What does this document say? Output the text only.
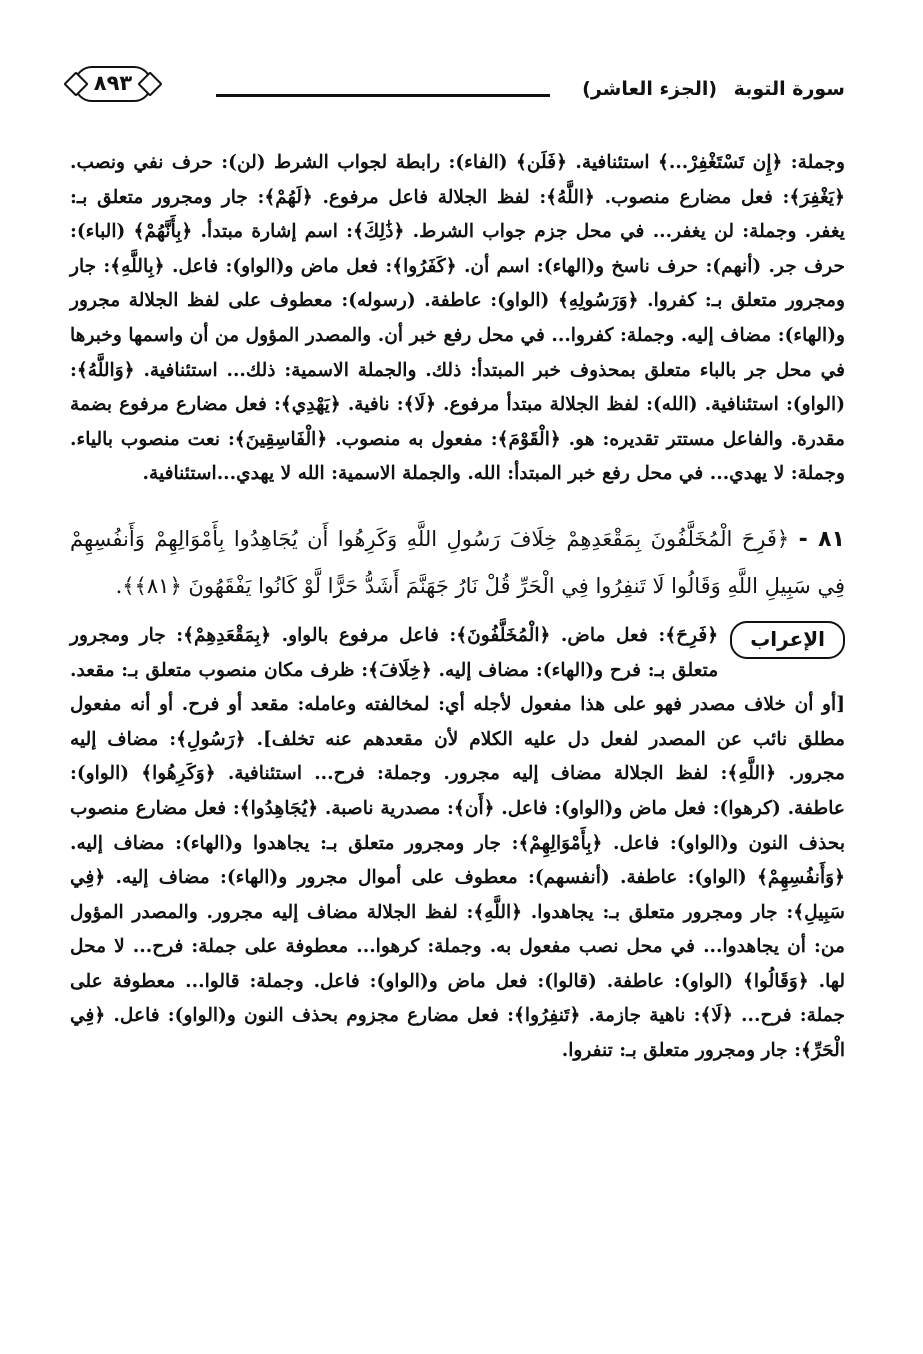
سورة التوبة (الجزء العاشر)
٨٩٣

وجملة: ﴿إِن تَسْتَغْفِرْ...﴾ استئنافية. ﴿فَلَن﴾ (الفاء): رابطة لجواب الشرط (لن): حرف نفي ونصب. ﴿يَغْفِرَ﴾: فعل مضارع منصوب. ﴿اللَّهُ﴾: لفظ الجلالة فاعل مرفوع. ﴿لَهُمْ﴾: جار ومجرور متعلق بـ: يغفر. وجملة: لن يغفر... في محل جزم جواب الشرط. ﴿ذَٰلِكَ﴾: اسم إشارة مبتدأ. ﴿بِأَنَّهُمْ﴾ (الباء): حرف جر. (أنهم): حرف ناسخ و(الهاء): اسم أن. ﴿كَفَرُوا﴾: فعل ماض و(الواو): فاعل. ﴿بِاللَّهِ﴾: جار ومجرور متعلق بـ: كفروا. ﴿وَرَسُولِهِ﴾ (الواو): عاطفة. (رسوله): معطوف على لفظ الجلالة مجرور و(الهاء): مضاف إليه. وجملة: كفروا... في محل رفع خبر أن. والمصدر المؤول من أن واسمها وخبرها في محل جر بالباء متعلق بمحذوف خبر المبتدأ: ذلك. والجملة الاسمية: ذلك... استئنافية. ﴿وَاللَّهُ﴾: (الواو): استئنافية. (الله): لفظ الجلالة مبتدأ مرفوع. ﴿لَا﴾: نافية. ﴿يَهْدِي﴾: فعل مضارع مرفوع بضمة مقدرة. والفاعل مستتر تقديره: هو. ﴿الْقَوْمَ﴾: مفعول به منصوب. ﴿الْفَاسِقِينَ﴾: نعت منصوب بالياء. وجملة: لا يهدي... في محل رفع خبر المبتدأ: الله. والجملة الاسمية: الله لا يهدي...استئنافية.

٨١ - ﴿فَرِحَ الْمُخَلَّفُونَ بِمَقْعَدِهِمْ خِلَافَ رَسُولِ اللَّهِ وَكَرِهُوا أَن يُجَاهِدُوا بِأَمْوَالِهِمْ وَأَنفُسِهِمْ فِي سَبِيلِ اللَّهِ وَقَالُوا لَا تَنفِرُوا فِي الْحَرِّ قُلْ نَارُ جَهَنَّمَ أَشَدُّ حَرًّا لَّوْ كَانُوا يَفْقَهُونَ ﴿٨١﴾﴾.

الإعراب
﴿فَرِحَ﴾: فعل ماض. ﴿الْمُخَلَّفُونَ﴾: فاعل مرفوع بالواو. ﴿بِمَقْعَدِهِمْ﴾: جار ومجرور متعلق بـ: فرح و(الهاء): مضاف إليه. ﴿خِلَافَ﴾: ظرف مكان منصوب متعلق بـ: مقعد. [أو أن خلاف مصدر فهو على هذا مفعول لأجله أي: لمخالفته وعامله: مقعد أو فرح. أو أنه مفعول مطلق نائب عن المصدر لفعل دل عليه الكلام لأن مقعدهم عنه تخلف]. ﴿رَسُولِ﴾: مضاف إليه مجرور. ﴿اللَّهِ﴾: لفظ الجلالة مضاف إليه مجرور. وجملة: فرح... استئنافية. ﴿وَكَرِهُوا﴾ (الواو): عاطفة. (كرهوا): فعل ماض و(الواو): فاعل. ﴿أَن﴾: مصدرية ناصبة. ﴿يُجَاهِدُوا﴾: فعل مضارع منصوب بحذف النون و(الواو): فاعل. ﴿بِأَمْوَالِهِمْ﴾: جار ومجرور متعلق بـ: يجاهدوا و(الهاء): مضاف إليه. ﴿وَأَنفُسِهِمْ﴾ (الواو): عاطفة. (أنفسهم): معطوف على أموال مجرور و(الهاء): مضاف إليه. ﴿فِي سَبِيلِ﴾: جار ومجرور متعلق بـ: يجاهدوا. ﴿اللَّهِ﴾: لفظ الجلالة مضاف إليه مجرور. والمصدر المؤول من: أن يجاهدوا... في محل نصب مفعول به. وجملة: كرهوا... معطوفة على جملة: فرح... لا محل لها. ﴿وَقَالُوا﴾ (الواو): عاطفة. (قالوا): فعل ماض و(الواو): فاعل. وجملة: قالوا... معطوفة على جملة: فرح... ﴿لَا﴾: ناهية جازمة. ﴿تَنفِرُوا﴾: فعل مضارع مجزوم بحذف النون و(الواو): فاعل. ﴿فِي الْحَرِّ﴾: جار ومجرور متعلق بـ: تنفروا.
